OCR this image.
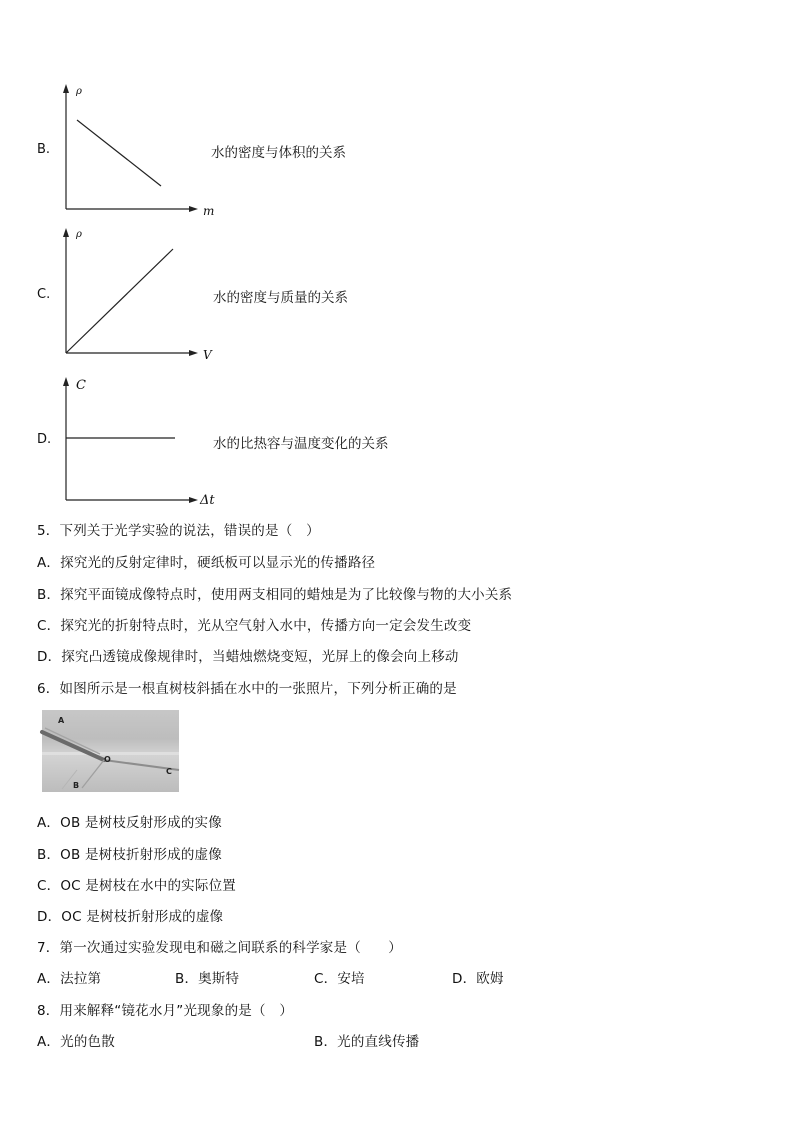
B.
ρ
m
水的密度与体积的关系
C.
ρ
V
水的密度与质量的关系
D.
C
Δt
水的比热容与温度变化的关系
5．下列关于光学实验的说法，错误的是（　）
A．探究光的反射定律时，硬纸板可以显示光的传播路径
B．探究平面镜成像特点时，使用两支相同的蜡烛是为了比较像与物的大小关系
C．探究光的折射特点时，光从空气射入水中，传播方向一定会发生改变
D．探究凸透镜成像规律时，当蜡烛燃烧变短，光屏上的像会向上移动
6．如图所示是一根直树枝斜插在水中的一张照片，下列分析正确的是
A
O
B
C
A．OB 是树枝反射形成的实像
B．OB 是树枝折射形成的虚像
C．OC 是树枝在水中的实际位置
D．OC 是树枝折射形成的虚像
7．第一次通过实验发现电和磁之间联系的科学家是（　　）
A．法拉第	B．奥斯特	C．安培	D．欧姆
8．用来解释“镜花水月”光现象的是（　）
A．光的色散	B．光的直线传播
